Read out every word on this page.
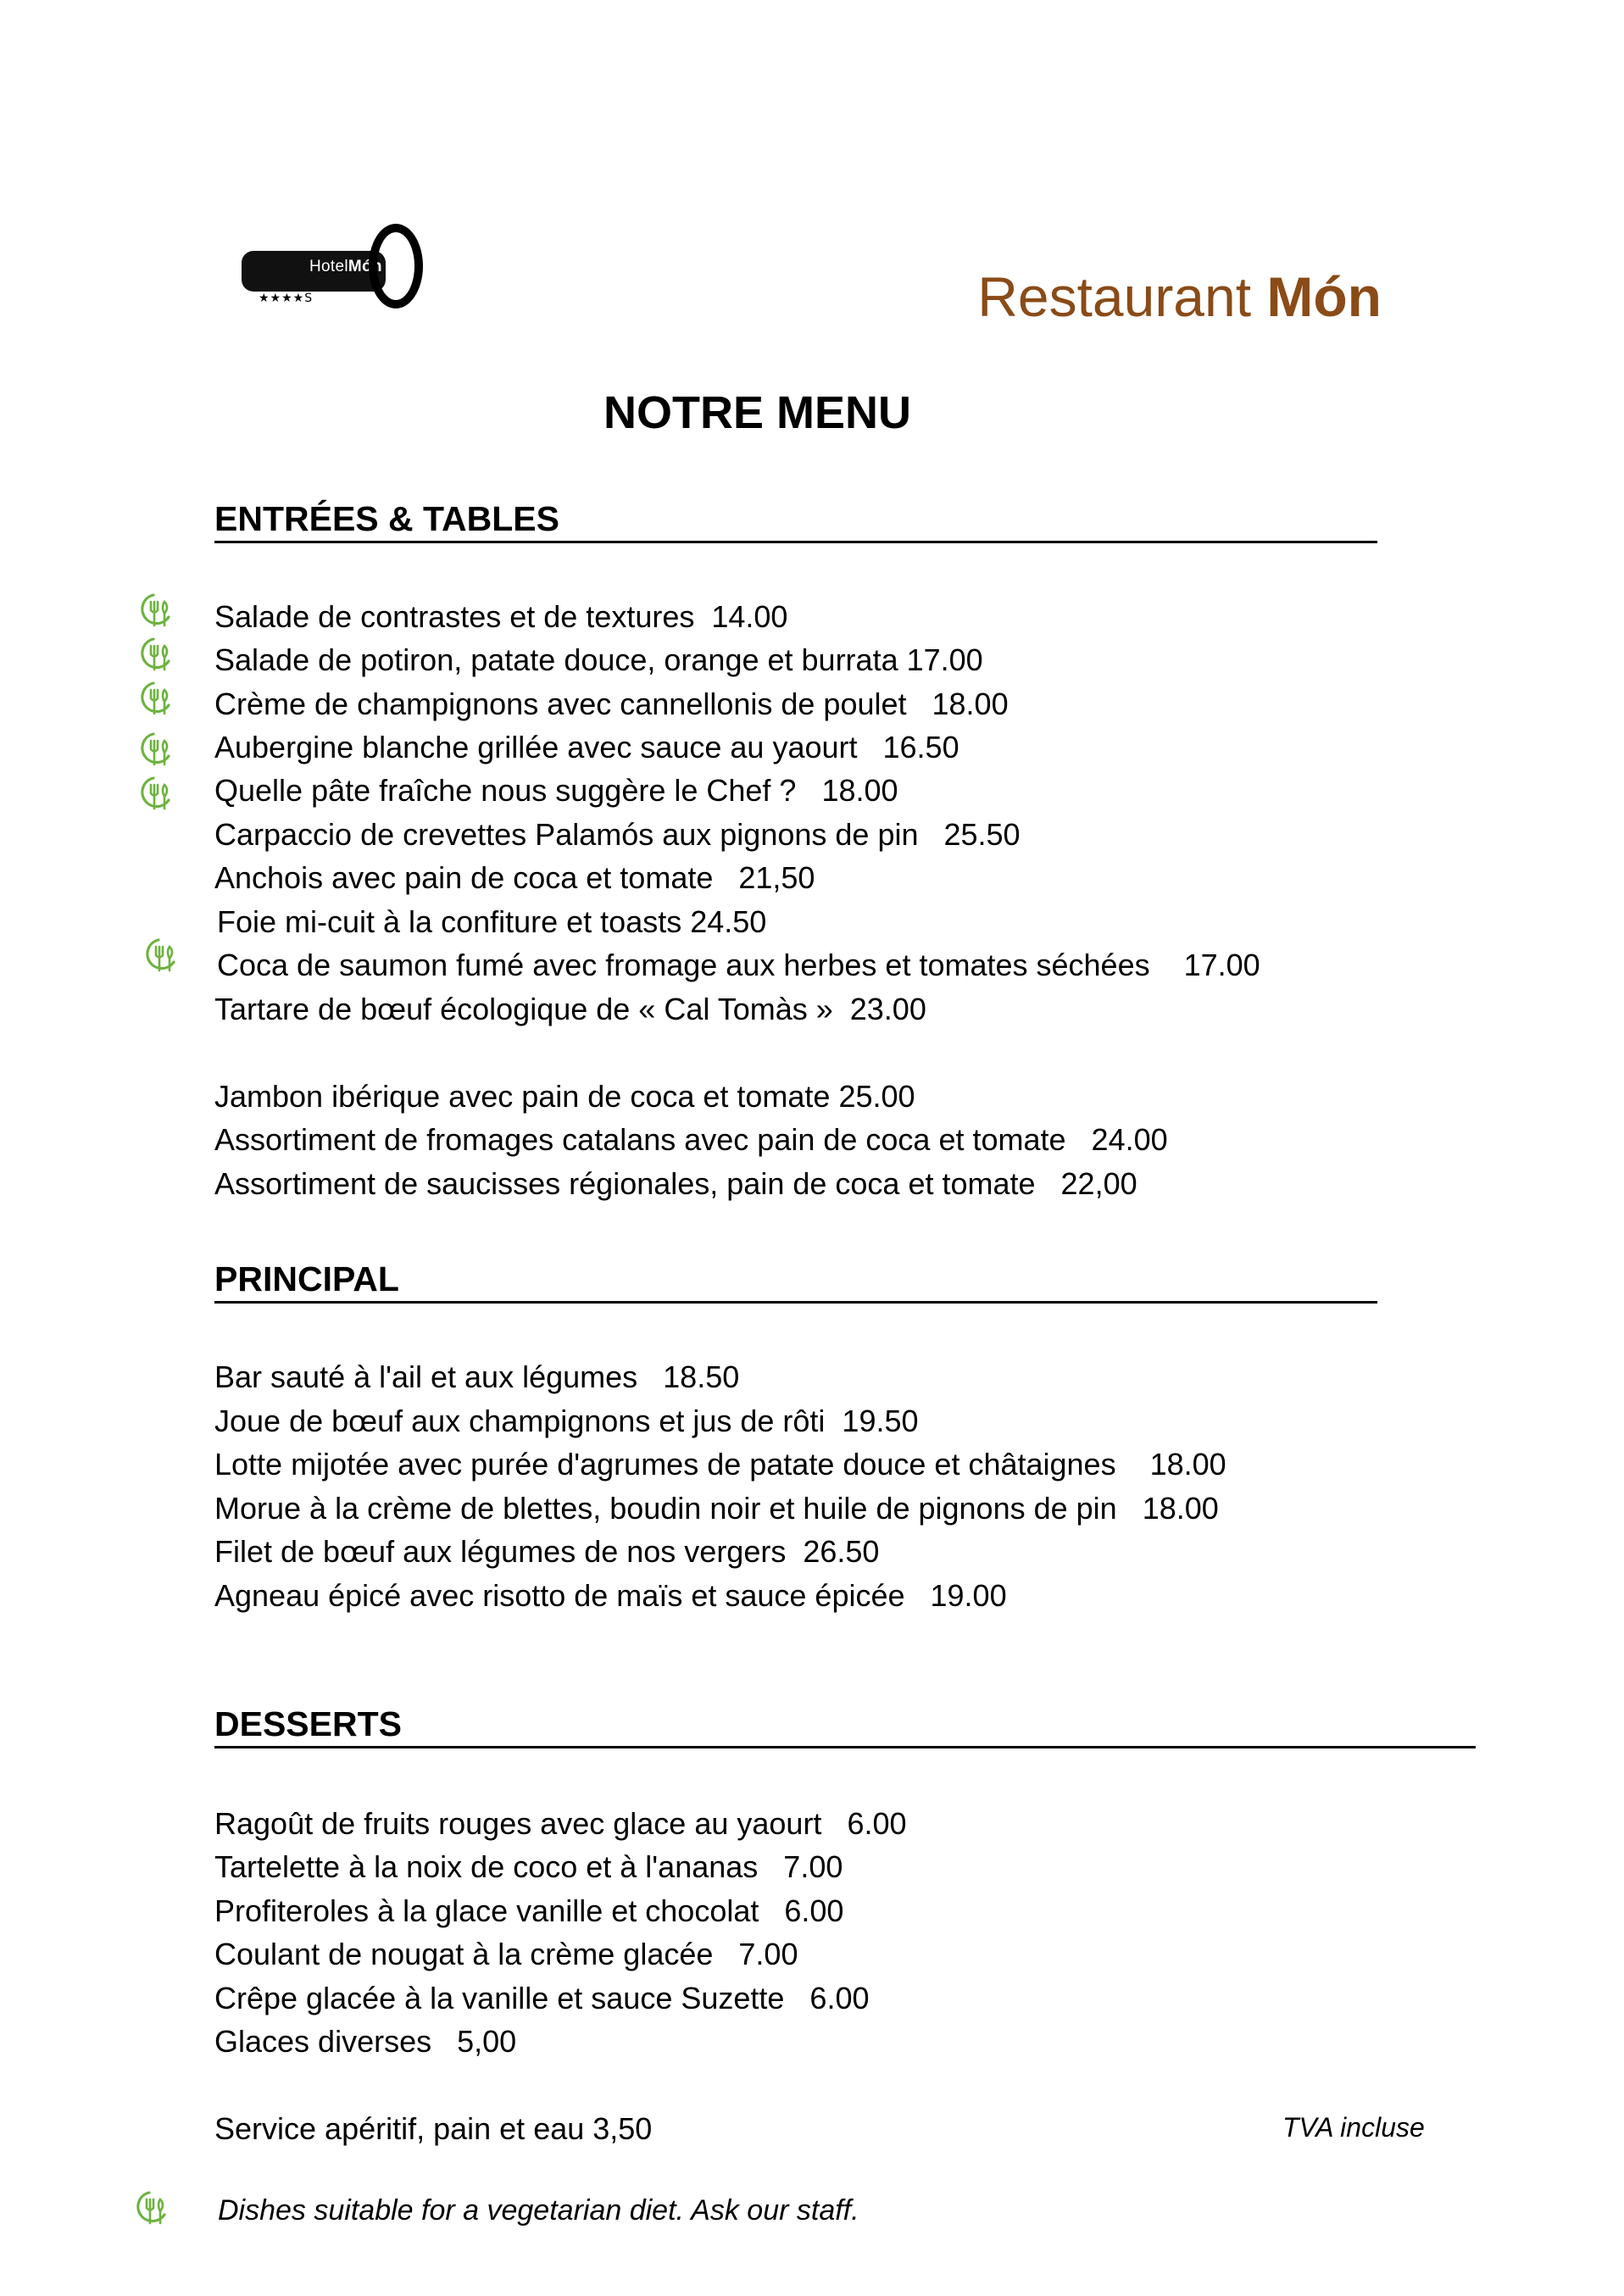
HotelMón
★★★★S	Restaurant Món
NOTRE MENU
ENTRÉES & TABLES
PRINCIPAL
DESSERTS
Salade de contrastes et de textures  14.00
Salade de potiron, patate douce, orange et burrata 17.00
Crème de champignons avec cannellonis de poulet   18.00
Aubergine blanche grillée avec sauce au yaourt   16.50
Quelle pâte fraîche nous suggère le Chef ?   18.00
Carpaccio de crevettes Palamós aux pignons de pin   25.50
Anchois avec pain de coca et tomate   21,50
Foie mi-cuit à la confiture et toasts 24.50
Coca de saumon fumé avec fromage aux herbes et tomates séchées    17.00
Tartare de bœuf écologique de « Cal Tomàs »  23.00
Jambon ibérique avec pain de coca et tomate 25.00
Assortiment de fromages catalans avec pain de coca et tomate   24.00
Assortiment de saucisses régionales, pain de coca et tomate   22,00
Bar sauté à l'ail et aux légumes   18.50
Joue de bœuf aux champignons et jus de rôti  19.50
Lotte mijotée avec purée d'agrumes de patate douce et châtaignes    18.00
Morue à la crème de blettes, boudin noir et huile de pignons de pin   18.00
Filet de bœuf aux légumes de nos vergers  26.50
Agneau épicé avec risotto de maïs et sauce épicée   19.00
Ragoût de fruits rouges avec glace au yaourt   6.00
Tartelette à la noix de coco et à l'ananas   7.00
Profiteroles à la glace vanille et chocolat   6.00
Coulant de nougat à la crème glacée   7.00
Crêpe glacée à la vanille et sauce Suzette   6.00
Glaces diverses   5,00
Service apéritif, pain et eau 3,50	TVA incluse
Dishes suitable for a vegetarian diet. Ask our staff.
